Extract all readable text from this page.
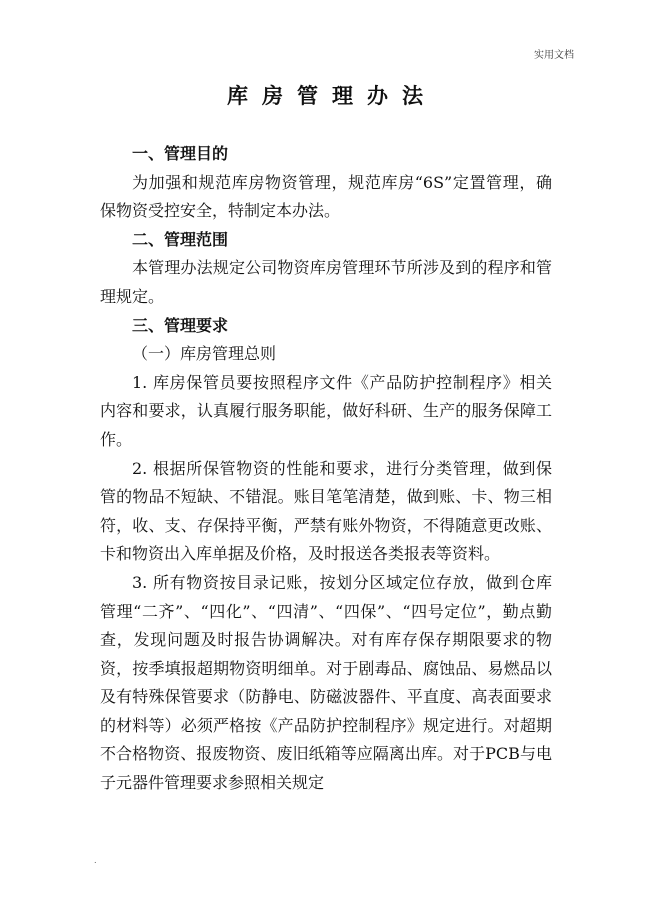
实用文档
库房管理办法

一、管理目的

为加强和规范库房物资管理，规范库房“6S”定置管理，确保物资受控安全，特制定本办法。

二、管理范围

本管理办法规定公司物资库房管理环节所涉及到的程序和管理规定。

三、管理要求

（一）库房管理总则

1. 库房保管员要按照程序文件《产品防护控制程序》相关内容和要求，认真履行服务职能，做好科研、生产的服务保障工作。

2. 根据所保管物资的性能和要求，进行分类管理，做到保管的物品不短缺、不错混。账目笔笔清楚，做到账、卡、物三相符，收、支、存保持平衡，严禁有账外物资，不得随意更改账、卡和物资出入库单据及价格，及时报送各类报表等资料。

3. 所有物资按目录记账，按划分区域定位存放，做到仓库管理“二齐”、“四化”、“四清”、“四保”、“四号定位”，勤点勤查，发现问题及时报告协调解决。对有库存保存期限要求的物资，按季填报超期物资明细单。对于剧毒品、腐蚀品、易燃品以及有特殊保管要求（防静电、防磁波器件、平直度、高表面要求的材料等）必须严格按《产品防护控制程序》规定进行。对超期不合格物资、报废物资、废旧纸箱等应隔离出库。对于PCB与电子元器件管理要求参照相关规定

.
